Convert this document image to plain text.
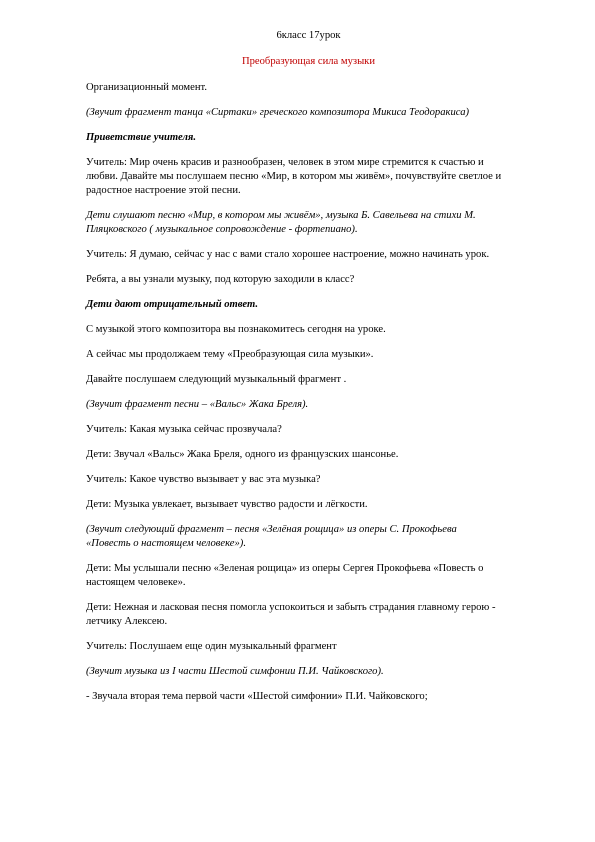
6класс 17урок
Преобразующая сила музыки
Организационный момент.
(Звучит фрагмент танца «Сиртаки» греческого композитора Микиса Теодоракиса)
Приветствие учителя.
Учитель: Мир очень красив и разнообразен, человек в этом мире стремится к счастью и
любви. Давайте мы послушаем песню «Мир, в котором мы живём», почувствуйте светлое и
радостное настроение этой песни.
Дети слушают песню «Мир, в котором мы живём», музыка Б. Савельева на стихи М.
Пляцковского ( музыкальное сопровождение - фортепиано).
Учитель: Я думаю, сейчас у нас с вами стало хорошее настроение, можно начинать урок.
Ребята, а вы узнали музыку, под которую заходили в класс?
Дети дают отрицательный ответ.
С музыкой этого композитора вы познакомитесь сегодня на уроке.
А сейчас мы продолжаем тему «Преобразующая сила музыки».
Давайте послушаем следующий музыкальный фрагмент .
(Звучит фрагмент песни – «Вальс» Жака Бреля).
Учитель: Какая музыка сейчас прозвучала?
Дети: Звучал «Вальс» Жака Бреля, одного из французских шансонье.
Учитель: Какое чувство вызывает у вас эта музыка?
Дети: Музыка увлекает, вызывает чувство радости и лёгкости.
(Звучит следующий фрагмент – песня «Зелёная рощица» из оперы С. Прокофьева
«Повесть о настоящем человеке»).
Дети: Мы услышали песню «Зеленая рощица» из оперы Сергея Прокофьева «Повесть о
настоящем человеке».
Дети: Нежная и ласковая песня помогла успокоиться и забыть страдания главному герою -
летчику Алексею.
Учитель: Послушаем еще один музыкальный фрагмент
(Звучит музыка из I части Шестой симфонии П.И. Чайковского).
- Звучала вторая тема первой части «Шестой симфонии» П.И. Чайковского;
